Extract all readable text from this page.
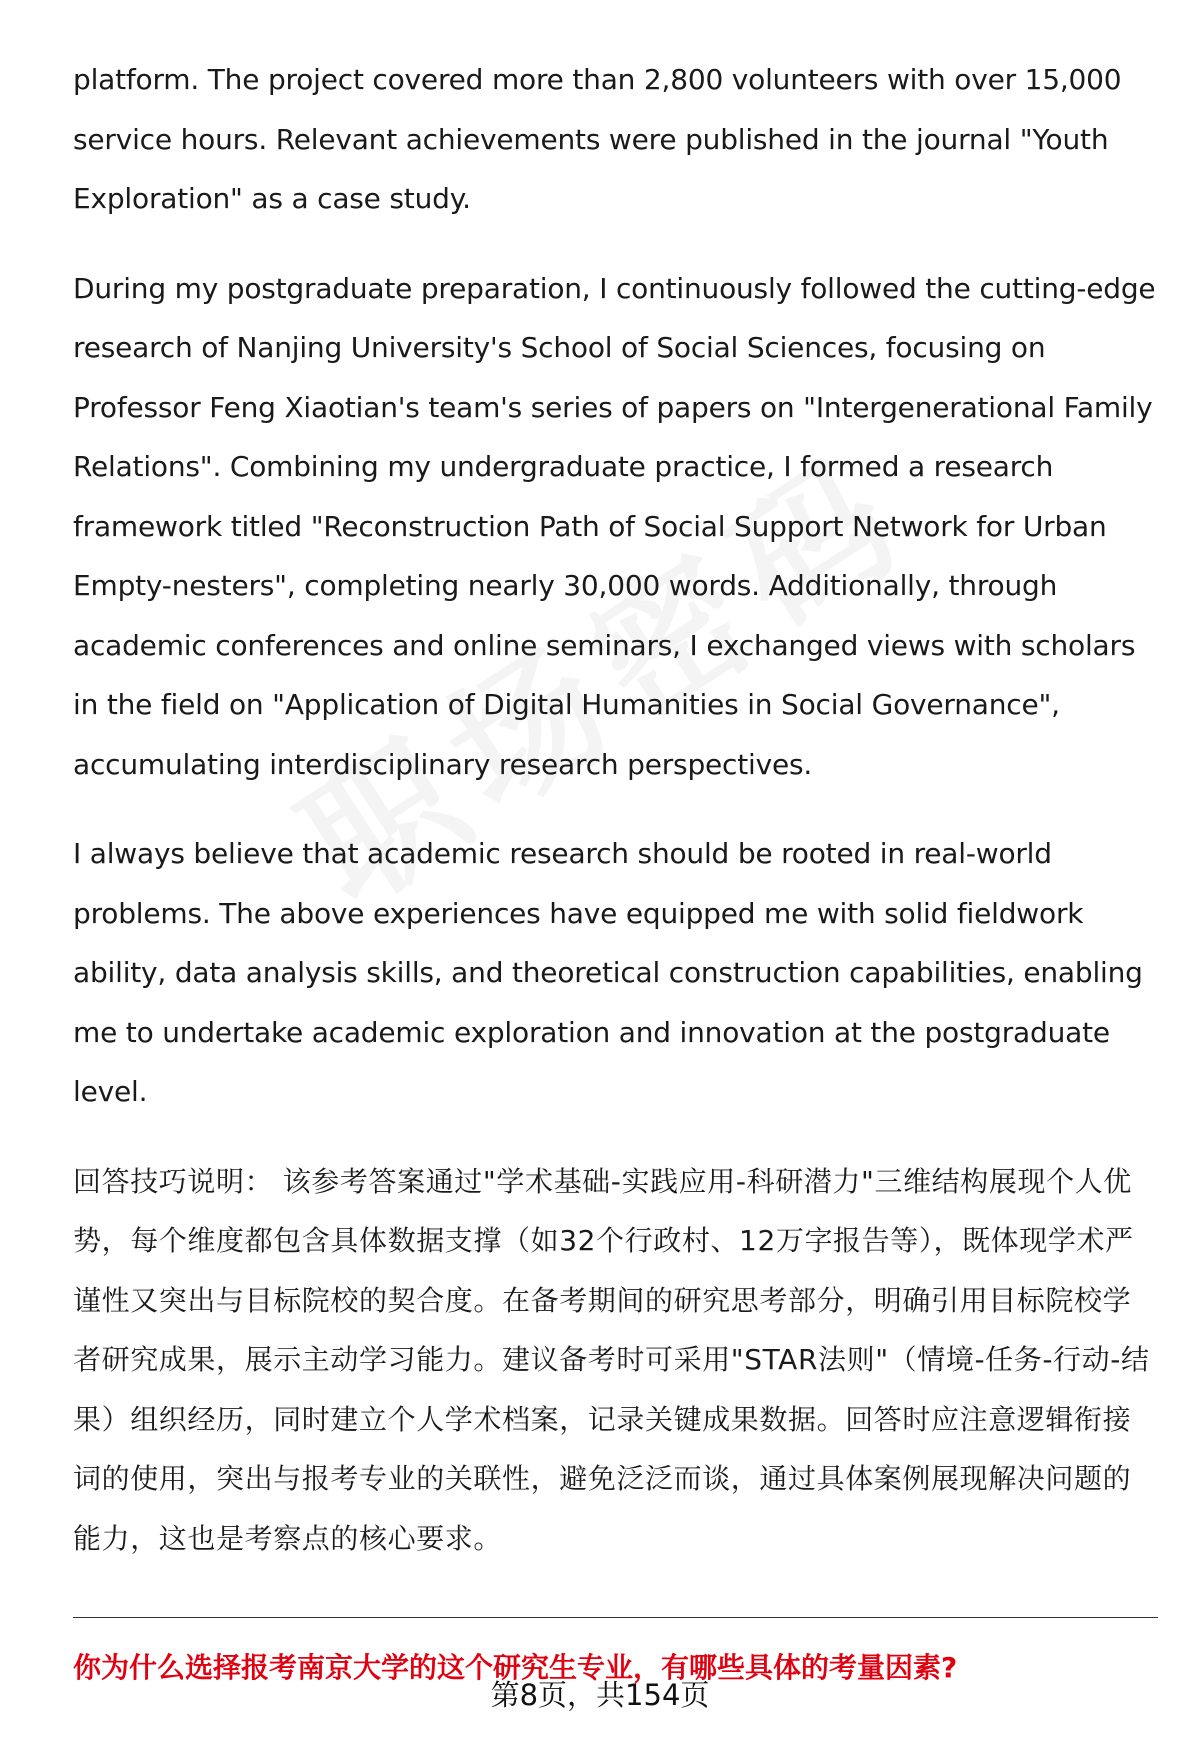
platform. The project covered more than 2,800 volunteers with over 15,000 service hours. Relevant achievements were published in the journal "Youth Exploration" as a case study.

During my postgraduate preparation, I continuously followed the cutting-edge research of Nanjing University's School of Social Sciences, focusing on Professor Feng Xiaotian's team's series of papers on "Intergenerational Family Relations". Combining my undergraduate practice, I formed a research framework titled "Reconstruction Path of Social Support Network for Urban Empty-nesters", completing nearly 30,000 words. Additionally, through academic conferences and online seminars, I exchanged views with scholars in the field on "Application of Digital Humanities in Social Governance", accumulating interdisciplinary research perspectives.

I always believe that academic research should be rooted in real-world problems. The above experiences have equipped me with solid fieldwork ability, data analysis skills, and theoretical construction capabilities, enabling me to undertake academic exploration and innovation at the postgraduate level.

回答技巧说明： 该参考答案通过"学术基础-实践应用-科研潜力"三维结构展现个人优势，每个维度都包含具体数据支撑（如32个行政村、12万字报告等），既体现学术严谨性又突出与目标院校的契合度。在备考期间的研究思考部分，明确引用目标院校学者研究成果，展示主动学习能力。建议备考时可采用"STAR法则"（情境-任务-行动-结果）组织经历，同时建立个人学术档案，记录关键成果数据。回答时应注意逻辑衔接词的使用，突出与报考专业的关联性，避免泛泛而谈，通过具体案例展现解决问题的能力，这也是考察点的核心要求。

你为什么选择报考南京大学的这个研究生专业，有哪些具体的考量因素?
第8页，共154页
